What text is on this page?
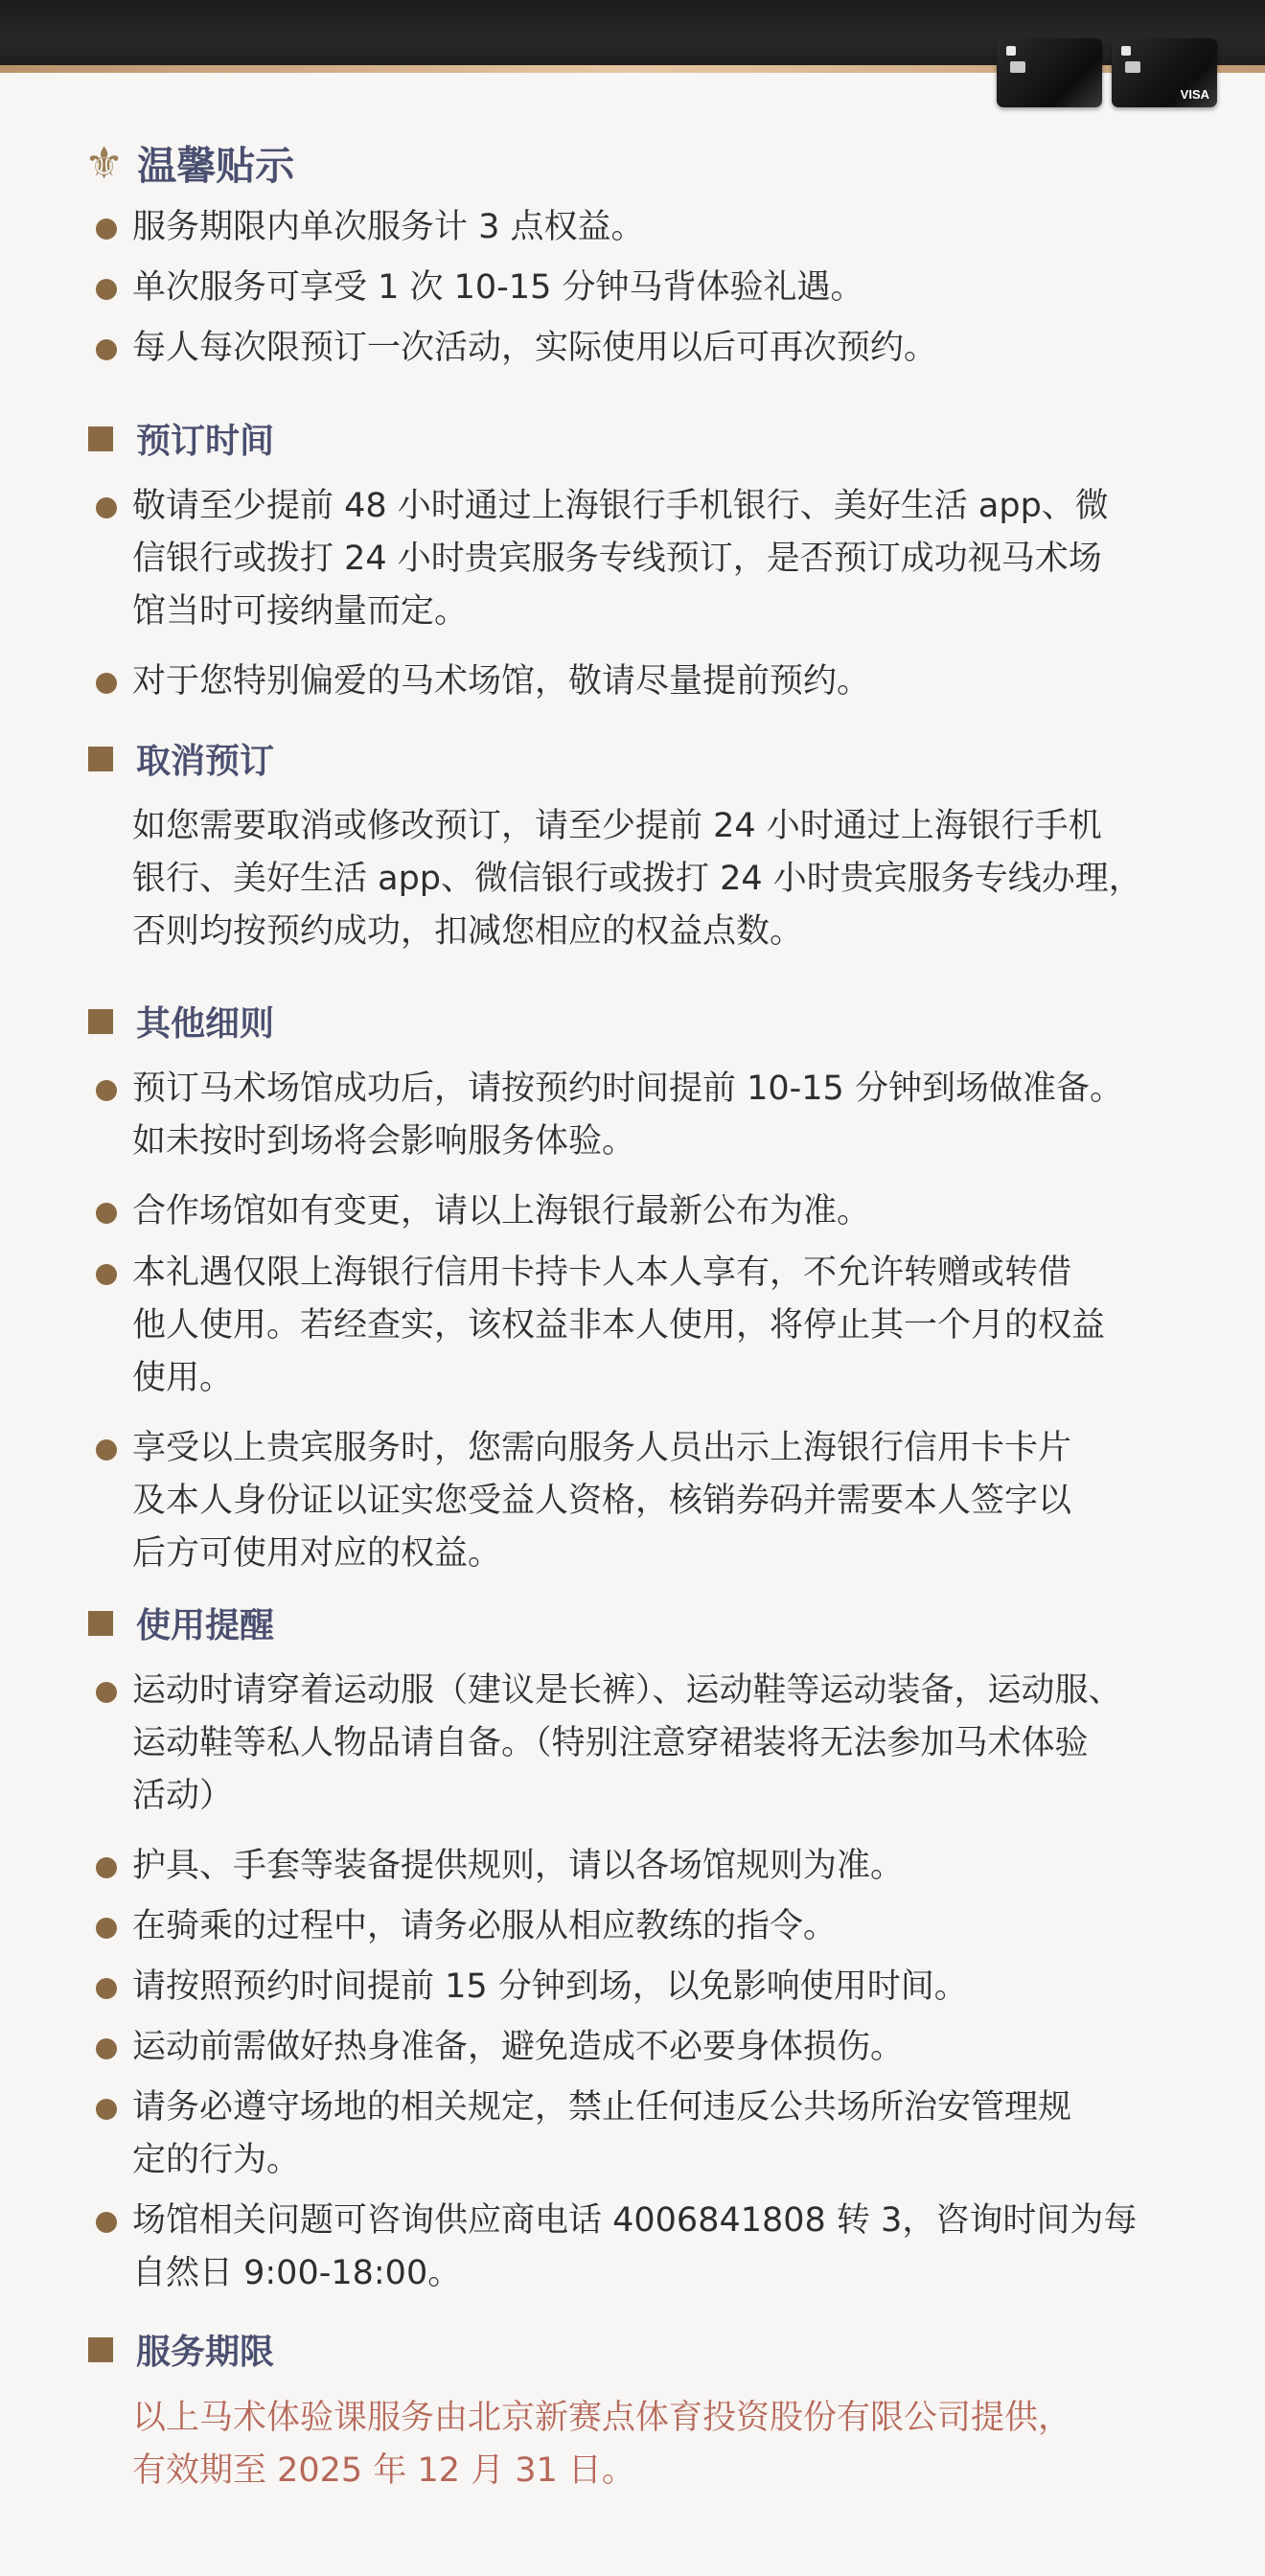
VISA
⚜ 温馨贴示
服务期限内单次服务计 3 点权益。
单次服务可享受 1 次 10-15 分钟马背体验礼遇。
每人每次限预订一次活动，实际使用以后可再次预约。
预订时间
敬请至少提前 48 小时通过上海银行手机银行、美好生活 app、微
信银行或拨打 24 小时贵宾服务专线预订，是否预订成功视马术场
馆当时可接纳量而定。
对于您特别偏爱的马术场馆，敬请尽量提前预约。
取消预订
如您需要取消或修改预订，请至少提前 24 小时通过上海银行手机
银行、美好生活 app、微信银行或拨打 24 小时贵宾服务专线办理，
否则均按预约成功，扣减您相应的权益点数。
其他细则
预订马术场馆成功后，请按预约时间提前 10-15 分钟到场做准备。
如未按时到场将会影响服务体验。
合作场馆如有变更，请以上海银行最新公布为准。
本礼遇仅限上海银行信用卡持卡人本人享有，不允许转赠或转借
他人使用。若经查实，该权益非本人使用，将停止其一个月的权益
使用。
享受以上贵宾服务时，您需向服务人员出示上海银行信用卡卡片
及本人身份证以证实您受益人资格，核销券码并需要本人签字以
后方可使用对应的权益。
使用提醒
运动时请穿着运动服（建议是长裤）、运动鞋等运动装备，运动服、
运动鞋等私人物品请自备。（特别注意穿裙装将无法参加马术体验
活动）
护具、手套等装备提供规则，请以各场馆规则为准。
在骑乘的过程中，请务必服从相应教练的指令。
请按照预约时间提前 15 分钟到场，以免影响使用时间。
运动前需做好热身准备，避免造成不必要身体损伤。
请务必遵守场地的相关规定，禁止任何违反公共场所治安管理规
定的行为。
场馆相关问题可咨询供应商电话 4006841808 转 3，咨询时间为每
自然日 9:00-18:00。
服务期限
以上马术体验课服务由北京新赛点体育投资股份有限公司提供，
有效期至 2025 年 12 月 31 日。
